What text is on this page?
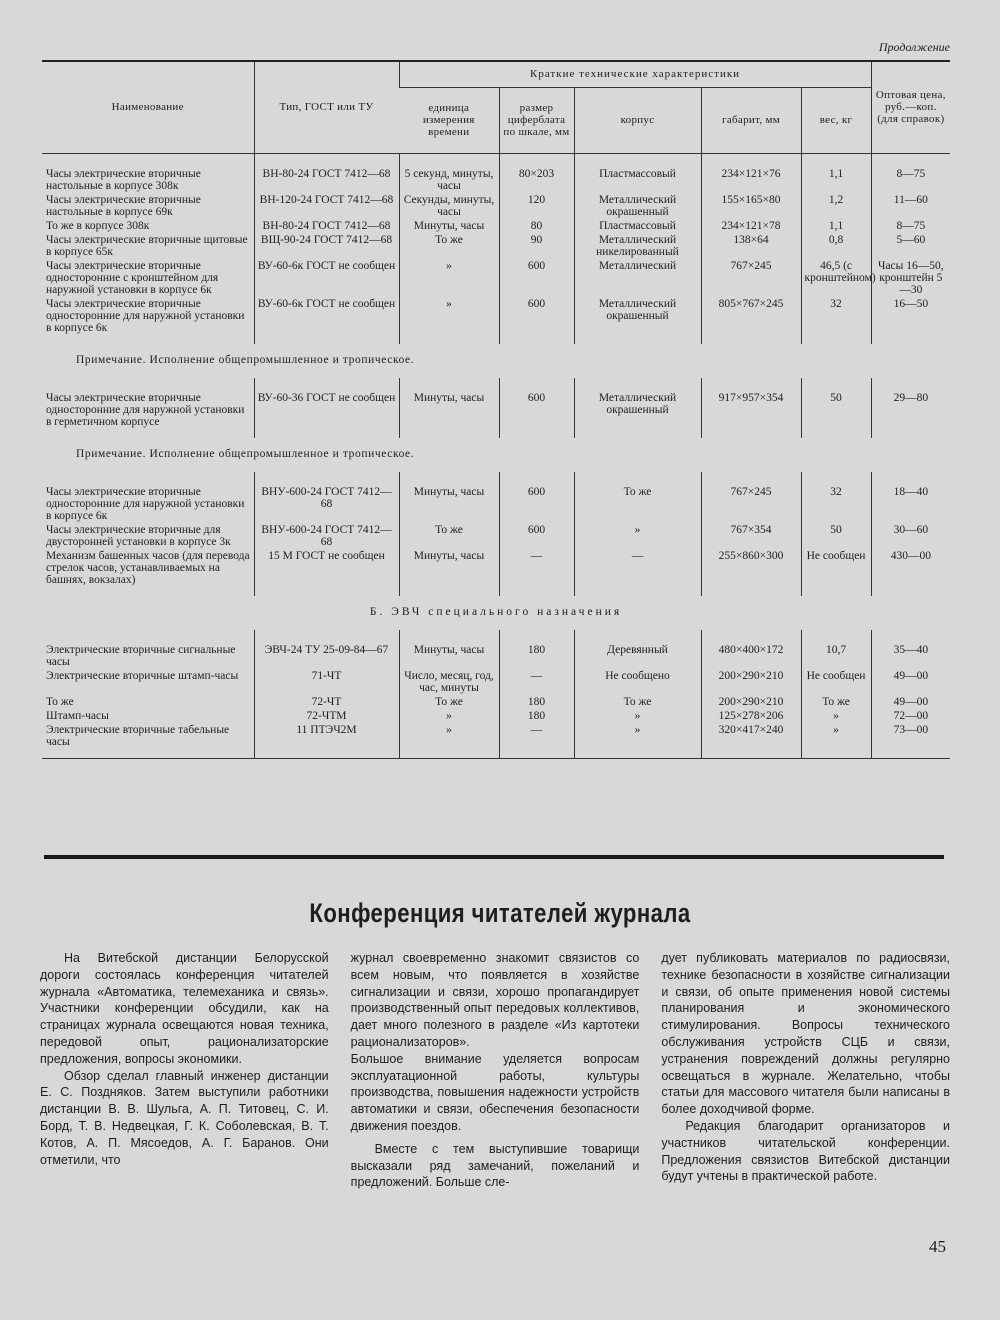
Продолжение
Наименование	Тип, ГОСТ или ТУ	Краткие технические характеристики					Оптовая цена, руб.—коп. (для справок)
		единица измерения времени	размер циферблата по шкале, мм	корпус	габарит, мм	вес, кг	
Часы электрические вторичные настольные в корпусе 308к	ВН-80-24 ГОСТ 7412—68	5 секунд, минуты, часы	80×203	Пластмассовый	234×121×76	1,1	8—75
Часы электрические вторичные настольные в корпусе 69к	ВН-120-24 ГОСТ 7412—68	Секунды, минуты, часы	120	Металлический окрашенный	155×165×80	1,2	11—60
То же в корпусе 308к	ВН-80-24 ГОСТ 7412—68	Минуты, часы	80	Пластмассовый	234×121×78	1,1	8—75
Часы электрические вторичные щитовые в корпусе 65к	ВЩ-90-24 ГОСТ 7412—68	То же	90	Металлический никелированный	138×64	0,8	5—60
Часы электрические вторичные односторонние с кронштейном для наружной установки в корпусе 6к	ВУ-60-6к ГОСТ не сообщен	»	600	Металлический	767×245	46,5 (с кронштейном)	Часы 16—50, кронштейн 5—30
Часы электрические вторичные односторонние для наружной установки в корпусе 6к	ВУ-60-6к ГОСТ не сообщен	»	600	Металлический окрашенный	805×767×245	32	16—50
Примечание. Исполнение общепромышленное и тропическое.							
Часы электрические вторичные односторонние для наружной установки в герметичном корпусе	ВУ-60-36 ГОСТ не сообщен	Минуты, часы	600	Металлический окрашенный	917×957×354	50	29—80
Примечание. Исполнение общепромышленное и тропическое.							
Часы электрические вторичные односторонние для наружной установки в корпусе 6к	ВНУ-600-24 ГОСТ 7412—68	Минуты, часы	600	То же	767×245	32	18—40
Часы электрические вторичные для двусторонней установки в корпусе 3к	ВНУ-600-24 ГОСТ 7412—68	То же	600	»	767×354	50	30—60
Механизм башенных часов (для перевода стрелок часов, устанавливаемых на башнях, вокзалах)	15 М ГОСТ не сообщен	Минуты, часы	—	—	255×860×300	Не сообщен	430—00
Б. ЭВЧ специального назначения							
Электрические вторичные сигнальные часы	ЭВЧ-24 ТУ 25-09-84—67	Минуты, часы	180	Деревянный	480×400×172	10,7	35—40
Электрические вторичные штамп-часы	71-ЧТ	Число, месяц, год, час, минуты	—	Не сообщено	200×290×210	Не сообщен	49—00
То же	72-ЧТ	То же	180	То же	200×290×210	То же	49—00
Штамп-часы	72-ЧТМ	»	180	»	125×278×206	»	72—00
Электрические вторичные табельные часы	11 ПТЭЧ2М	»	—	»	320×417×240	»	73—00
Конференция читателей журнала

На Витебской дистанции Белорусской дороги состоялась конференция читателей журнала «Автоматика, телемеханика и связь». Участники конференции обсудили, как на страницах журнала освещаются новая техника, передовой опыт, рационализаторские предложения, вопросы экономики.

Обзор сделал главный инженер дистанции Е. С. Поздняков. Затем выступили работники дистанции В. В. Шульга, А. П. Титовец, С. И. Борд, Т. В. Недвецкая, Г. К. Соболевская, В. Т. Котов, А. П. Мясоедов, А. Г. Баранов. Они отметили, что

журнал своевременно знакомит связистов со всем новым, что появляется в хозяйстве сигнализации и связи, хорошо пропагандирует производственный опыт передовых коллективов, дает много полезного в разделе «Из картотеки рационализаторов».

Большое внимание уделяется вопросам эксплуатационной работы, культуры производства, повышения надежности устройств автоматики и связи, обеспечения безопасности движения поездов.

Вместе с тем выступившие товарищи высказали ряд замечаний, пожеланий и предложений. Больше сле-

дует публиковать материалов по радиосвязи, технике безопасности в хозяйстве сигнализации и связи, об опыте применения новой системы планирования и экономического стимулирования. Вопросы технического обслуживания устройств СЦБ и связи, устранения повреждений должны регулярно освещаться в журнале. Желательно, чтобы статьи для массового читателя были написаны в более доходчивой форме.

Редакция благодарит организаторов и участников читательской конференции. Предложения связистов Витебской дистанции будут учтены в практической работе.

45
